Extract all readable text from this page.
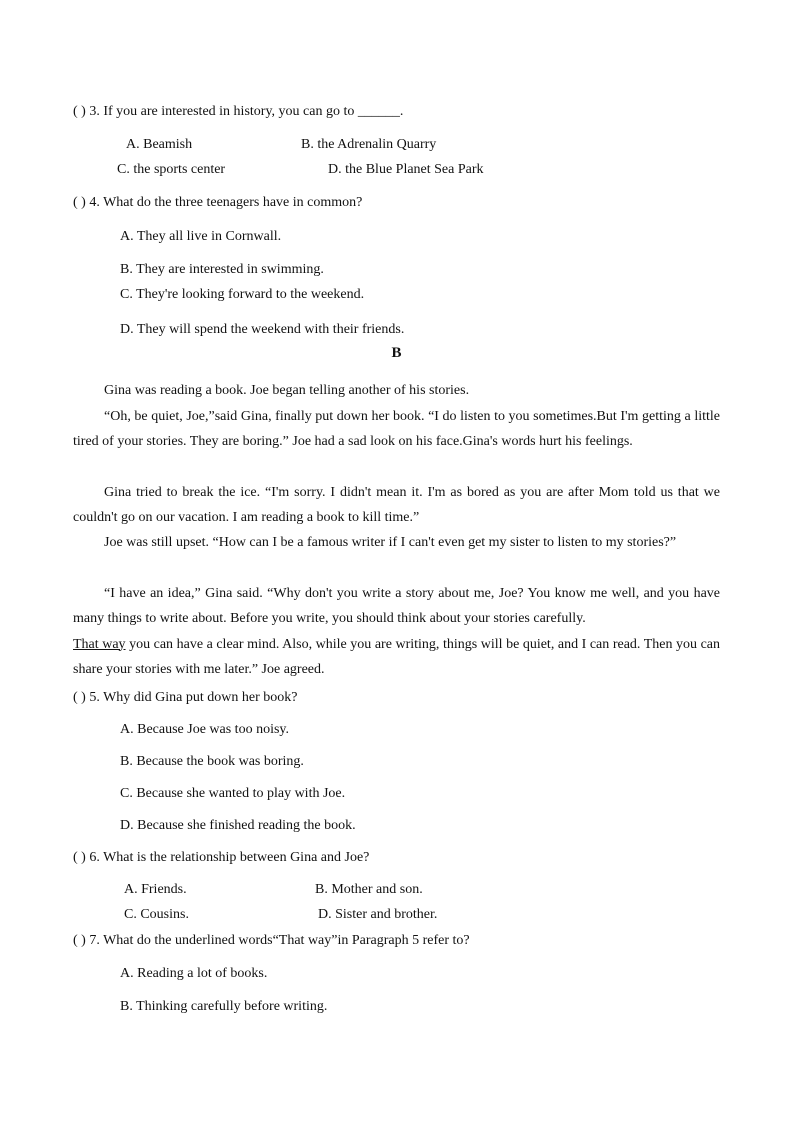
( ) 3. If you are interested in history, you can go to ______.
A. Beamish	B. the Adrenalin Quarry
C. the sports center	D. the Blue Planet Sea Park
( ) 4. What do the three teenagers have in common?
A. They all live in Cornwall.
B. They are interested in swimming.
C. They're looking forward to the weekend.
D. They will spend the weekend with their friends.
B
Gina was reading a book. Joe began telling another of his stories.
“Oh, be quiet, Joe,”said Gina, finally put down her book. “I do listen to you sometimes.But I'm getting a little tired of your stories. They are boring.” Joe had a sad look on his face.Gina's words hurt his feelings.
Gina tried to break the ice. “I'm sorry. I didn't mean it. I'm as bored as you are after Mom told us that we couldn't go on our vacation. I am reading a book to kill time.”
Joe was still upset. “How can I be a famous writer if I can't even get my sister to listen to my stories?”
“I have an idea,” Gina said. “Why don't you write a story about me, Joe? You know me well, and you have many things to write about. Before you write, you should think about your stories carefully.
That way you can have a clear mind. Also, while you are writing, things will be quiet, and I can read. Then you can share your stories with me later.” Joe agreed.
( ) 5. Why did Gina put down her book?
A. Because Joe was too noisy.
B. Because the book was boring.
C. Because she wanted to play with Joe.
D. Because she finished reading the book.
( ) 6. What is the relationship between Gina and Joe?
A. Friends.	B. Mother and son.
C. Cousins.	D. Sister and brother.
( ) 7. What do the underlined words“That way”in Paragraph 5 refer to?
A. Reading a lot of books.
B. Thinking carefully before writing.
